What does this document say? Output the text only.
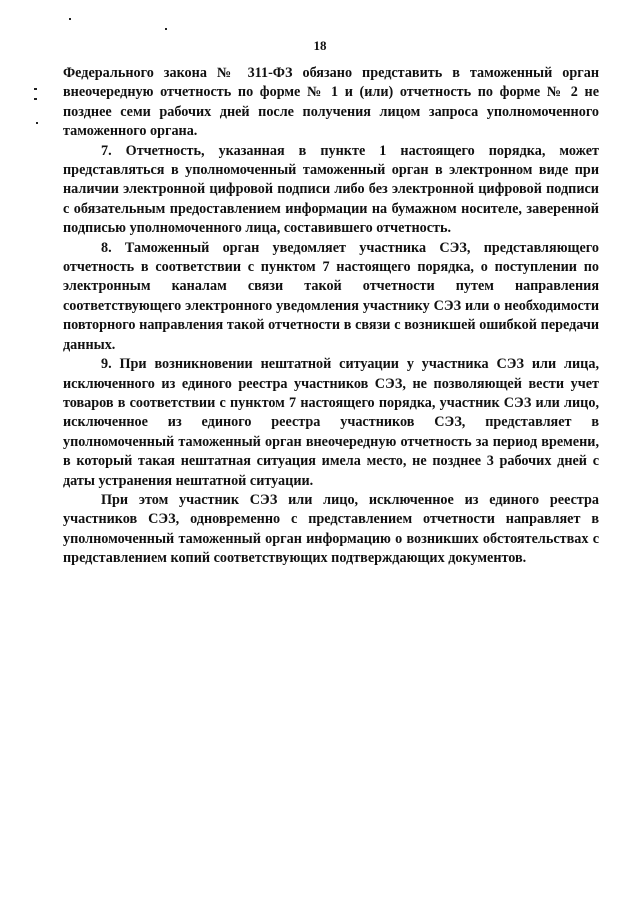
18

Федерального закона № 311-ФЗ обязано представить в таможенный орган внеочередную отчетность по форме № 1 и (или) отчетность по форме № 2 не позднее семи рабочих дней после получения лицом запроса уполномоченного таможенного органа.

7. Отчетность, указанная в пункте 1 настоящего порядка, может представляться в уполномоченный таможенный орган в электронном виде при наличии электронной цифровой подписи либо без электронной цифровой подписи с обязательным предоставлением информации на бумажном носителе, заверенной подписью уполномоченного лица, составившего отчетность.

8. Таможенный орган уведомляет участника СЭЗ, представляющего отчетность в соответствии с пунктом 7 настоящего порядка, о поступлении по электронным каналам связи такой отчетности путем направления соответствующего электронного уведомления участнику СЭЗ или о необходимости повторного направления такой отчетности в связи с возникшей ошибкой передачи данных.

9. При возникновении нештатной ситуации у участника СЭЗ или лица, исключенного из единого реестра участников СЭЗ, не позволяющей вести учет товаров в соответствии с пунктом 7 настоящего порядка, участник СЭЗ или лицо, исключенное из единого реестра участников СЭЗ, представляет в уполномоченный таможенный орган внеочередную отчетность за период времени, в который такая нештатная ситуация имела место, не позднее 3 рабочих дней с даты устранения нештатной ситуации.

При этом участник СЭЗ или лицо, исключенное из единого реестра участников СЭЗ, одновременно с представлением отчетности направляет в уполномоченный таможенный орган информацию о возникших обстоятельствах с представлением копий соответствующих подтверждающих документов.
